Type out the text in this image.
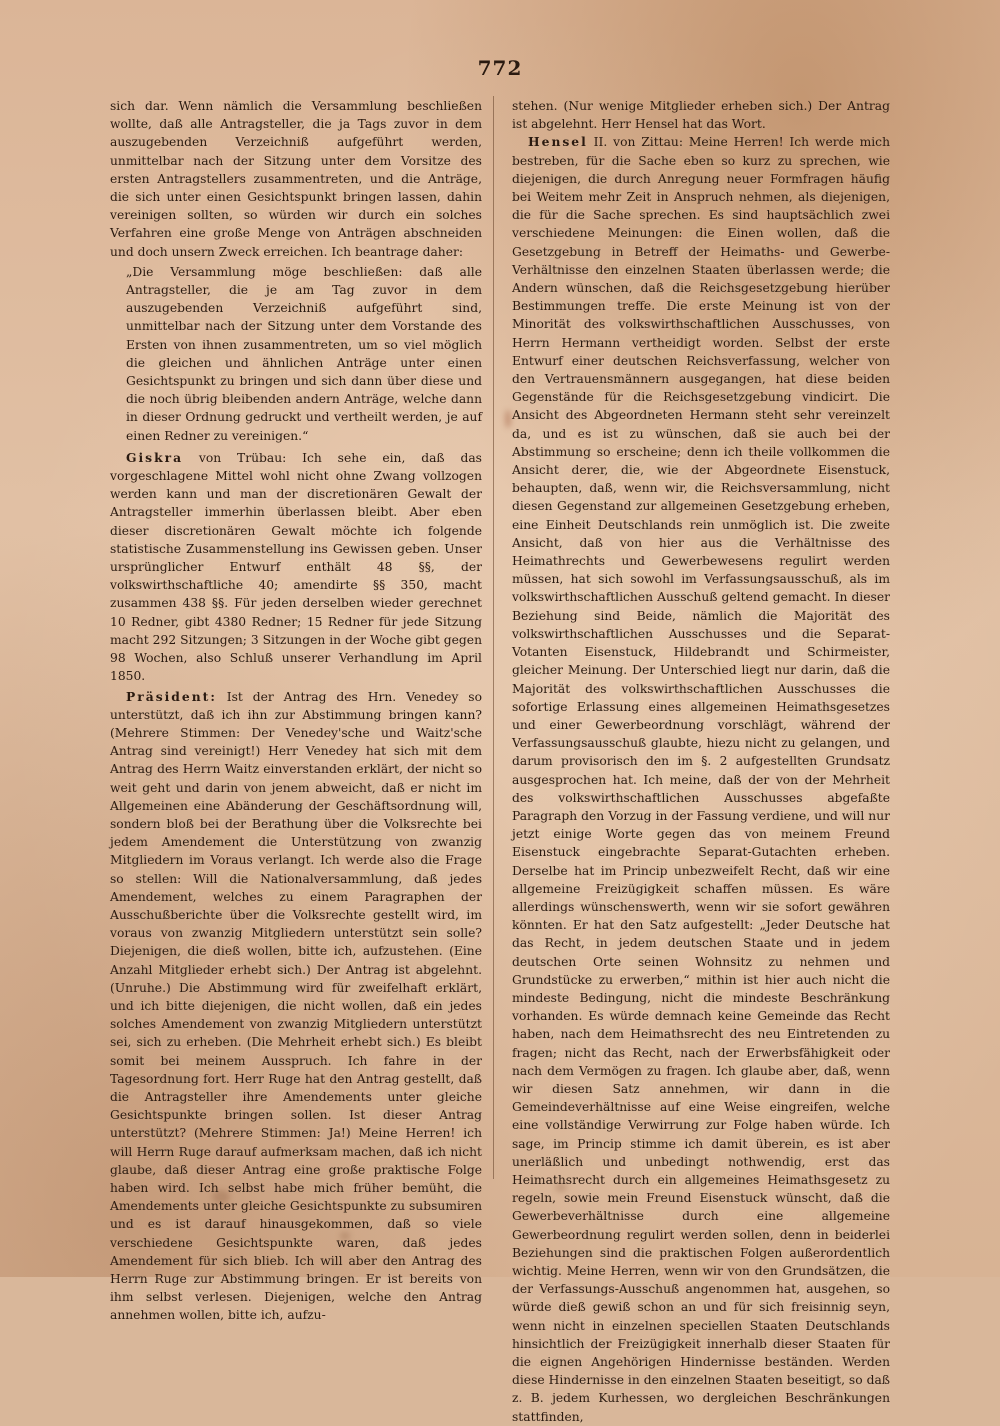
772

sich dar. Wenn nämlich die Versammlung beschließen wollte, daß alle Antragsteller, die ja Tags zuvor in dem auszugebenden Verzeichniß aufgeführt werden, unmittelbar nach der Sitzung unter dem Vorsitze des ersten Antragstellers zusammentreten, und die Anträge, die sich unter einen Gesichtspunkt bringen lassen, dahin vereinigen sollten, so würden wir durch ein solches Verfahren eine große Menge von Anträgen abschneiden und doch unsern Zweck erreichen. Ich beantrage daher:

„Die Versammlung möge beschließen: daß alle Antragsteller, die je am Tag zuvor in dem auszugebenden Verzeichniß aufgeführt sind, unmittelbar nach der Sitzung unter dem Vorstande des Ersten von ihnen zusammentreten, um so viel möglich die gleichen und ähnlichen Anträge unter einen Gesichtspunkt zu bringen und sich dann über diese und die noch übrig bleibenden andern Anträge, welche dann in dieser Ordnung gedruckt und vertheilt werden, je auf einen Redner zu vereinigen.“

Giskra von Trübau: Ich sehe ein, daß das vorgeschlagene Mittel wohl nicht ohne Zwang vollzogen werden kann und man der discretionären Gewalt der Antragsteller immerhin überlassen bleibt. Aber eben dieser discretionären Gewalt möchte ich folgende statistische Zusammenstellung ins Gewissen geben. Unser ursprünglicher Entwurf enthält 48 §§, der volkswirthschaftliche 40; amendirte §§ 350, macht zusammen 438 §§. Für jeden derselben wieder gerechnet 10 Redner, gibt 4380 Redner; 15 Redner für jede Sitzung macht 292 Sitzungen; 3 Sitzungen in der Woche gibt gegen 98 Wochen, also Schluß unserer Verhandlung im April 1850.

Präsident: Ist der Antrag des Hrn. Venedey so unterstützt, daß ich ihn zur Abstimmung bringen kann? (Mehrere Stimmen: Der Venedey'sche und Waitz'sche Antrag sind vereinigt!) Herr Venedey hat sich mit dem Antrag des Herrn Waitz einverstanden erklärt, der nicht so weit geht und darin von jenem abweicht, daß er nicht im Allgemeinen eine Abänderung der Geschäftsordnung will, sondern bloß bei der Berathung über die Volksrechte bei jedem Amendement die Unterstützung von zwanzig Mitgliedern im Voraus verlangt. Ich werde also die Frage so stellen: Will die Nationalversammlung, daß jedes Amendement, welches zu einem Paragraphen der Ausschußberichte über die Volksrechte gestellt wird, im voraus von zwanzig Mitgliedern unterstützt sein solle? Diejenigen, die dieß wollen, bitte ich, aufzustehen. (Eine Anzahl Mitglieder erhebt sich.) Der Antrag ist abgelehnt. (Unruhe.) Die Abstimmung wird für zweifelhaft erklärt, und ich bitte diejenigen, die nicht wollen, daß ein jedes solches Amendement von zwanzig Mitgliedern unterstützt sei, sich zu erheben. (Die Mehrheit erhebt sich.) Es bleibt somit bei meinem Ausspruch. Ich fahre in der Tagesordnung fort. Herr Ruge hat den Antrag gestellt, daß die Antragsteller ihre Amendements unter gleiche Gesichtspunkte bringen sollen. Ist dieser Antrag unterstützt? (Mehrere Stimmen: Ja!) Meine Herren! ich will Herrn Ruge darauf aufmerksam machen, daß ich nicht glaube, daß dieser Antrag eine große praktische Folge haben wird. Ich selbst habe mich früher bemüht, die Amendements unter gleiche Gesichtspunkte zu subsumiren und es ist darauf hinausgekommen, daß so viele verschiedene Gesichtspunkte waren, daß jedes Amendement für sich blieb. Ich will aber den Antrag des Herrn Ruge zur Abstimmung bringen. Er ist bereits von ihm selbst verlesen. Diejenigen, welche den Antrag annehmen wollen, bitte ich, aufzu-

stehen. (Nur wenige Mitglieder erheben sich.) Der Antrag ist abgelehnt. Herr Hensel hat das Wort.

Hensel II. von Zittau: Meine Herren! Ich werde mich bestreben, für die Sache eben so kurz zu sprechen, wie diejenigen, die durch Anregung neuer Formfragen häufig bei Weitem mehr Zeit in Anspruch nehmen, als diejenigen, die für die Sache sprechen. Es sind hauptsächlich zwei verschiedene Meinungen: die Einen wollen, daß die Gesetzgebung in Betreff der Heimaths- und Gewerbe-Verhältnisse den einzelnen Staaten überlassen werde; die Andern wünschen, daß die Reichsgesetzgebung hierüber Bestimmungen treffe. Die erste Meinung ist von der Minorität des volkswirthschaftlichen Ausschusses, von Herrn Hermann vertheidigt worden. Selbst der erste Entwurf einer deutschen Reichsverfassung, welcher von den Vertrauensmännern ausgegangen, hat diese beiden Gegenstände für die Reichsgesetzgebung vindicirt. Die Ansicht des Abgeordneten Hermann steht sehr vereinzelt da, und es ist zu wünschen, daß sie auch bei der Abstimmung so erscheine; denn ich theile vollkommen die Ansicht derer, die, wie der Abgeordnete Eisenstuck, behaupten, daß, wenn wir, die Reichsversammlung, nicht diesen Gegenstand zur allgemeinen Gesetzgebung erheben, eine Einheit Deutschlands rein unmöglich ist. Die zweite Ansicht, daß von hier aus die Verhältnisse des Heimathrechts und Gewerbewesens regulirt werden müssen, hat sich sowohl im Verfassungsausschuß, als im volkswirthschaftlichen Ausschuß geltend gemacht. In dieser Beziehung sind Beide, nämlich die Majorität des volkswirthschaftlichen Ausschusses und die Separat-Votanten Eisenstuck, Hildebrandt und Schirmeister, gleicher Meinung. Der Unterschied liegt nur darin, daß die Majorität des volkswirthschaftlichen Ausschusses die sofortige Erlassung eines allgemeinen Heimathsgesetzes und einer Gewerbeordnung vorschlägt, während der Verfassungsausschuß glaubte, hiezu nicht zu gelangen, und darum provisorisch den im §. 2 aufgestellten Grundsatz ausgesprochen hat. Ich meine, daß der von der Mehrheit des volkswirthschaftlichen Ausschusses abgefaßte Paragraph den Vorzug in der Fassung verdiene, und will nur jetzt einige Worte gegen das von meinem Freund Eisenstuck eingebrachte Separat-Gutachten erheben. Derselbe hat im Princip unbezweifelt Recht, daß wir eine allgemeine Freizügigkeit schaffen müssen. Es wäre allerdings wünschenswerth, wenn wir sie sofort gewähren könnten. Er hat den Satz aufgestellt: „Jeder Deutsche hat das Recht, in jedem deutschen Staate und in jedem deutschen Orte seinen Wohnsitz zu nehmen und Grundstücke zu erwerben,“ mithin ist hier auch nicht die mindeste Bedingung, nicht die mindeste Beschränkung vorhanden. Es würde demnach keine Gemeinde das Recht haben, nach dem Heimathsrecht des neu Eintretenden zu fragen; nicht das Recht, nach der Erwerbsfähigkeit oder nach dem Vermögen zu fragen. Ich glaube aber, daß, wenn wir diesen Satz annehmen, wir dann in die Gemeindeverhältnisse auf eine Weise eingreifen, welche eine vollständige Verwirrung zur Folge haben würde. Ich sage, im Princip stimme ich damit überein, es ist aber unerläßlich und unbedingt nothwendig, erst das Heimathsrecht durch ein allgemeines Heimathsgesetz zu regeln, sowie mein Freund Eisenstuck wünscht, daß die Gewerbeverhältnisse durch eine allgemeine Gewerbeordnung regulirt werden sollen, denn in beiderlei Beziehungen sind die praktischen Folgen außerordentlich wichtig. Meine Herren, wenn wir von den Grundsätzen, die der Verfassungs-Ausschuß angenommen hat, ausgehen, so würde dieß gewiß schon an und für sich freisinnig seyn, wenn nicht in einzelnen speciellen Staaten Deutschlands hinsichtlich der Freizügigkeit innerhalb dieser Staaten für die eignen Angehörigen Hindernisse beständen. Werden diese Hindernisse in den einzelnen Staaten beseitigt, so daß z. B. jedem Kurhessen, wo dergleichen Beschränkungen stattfinden,
